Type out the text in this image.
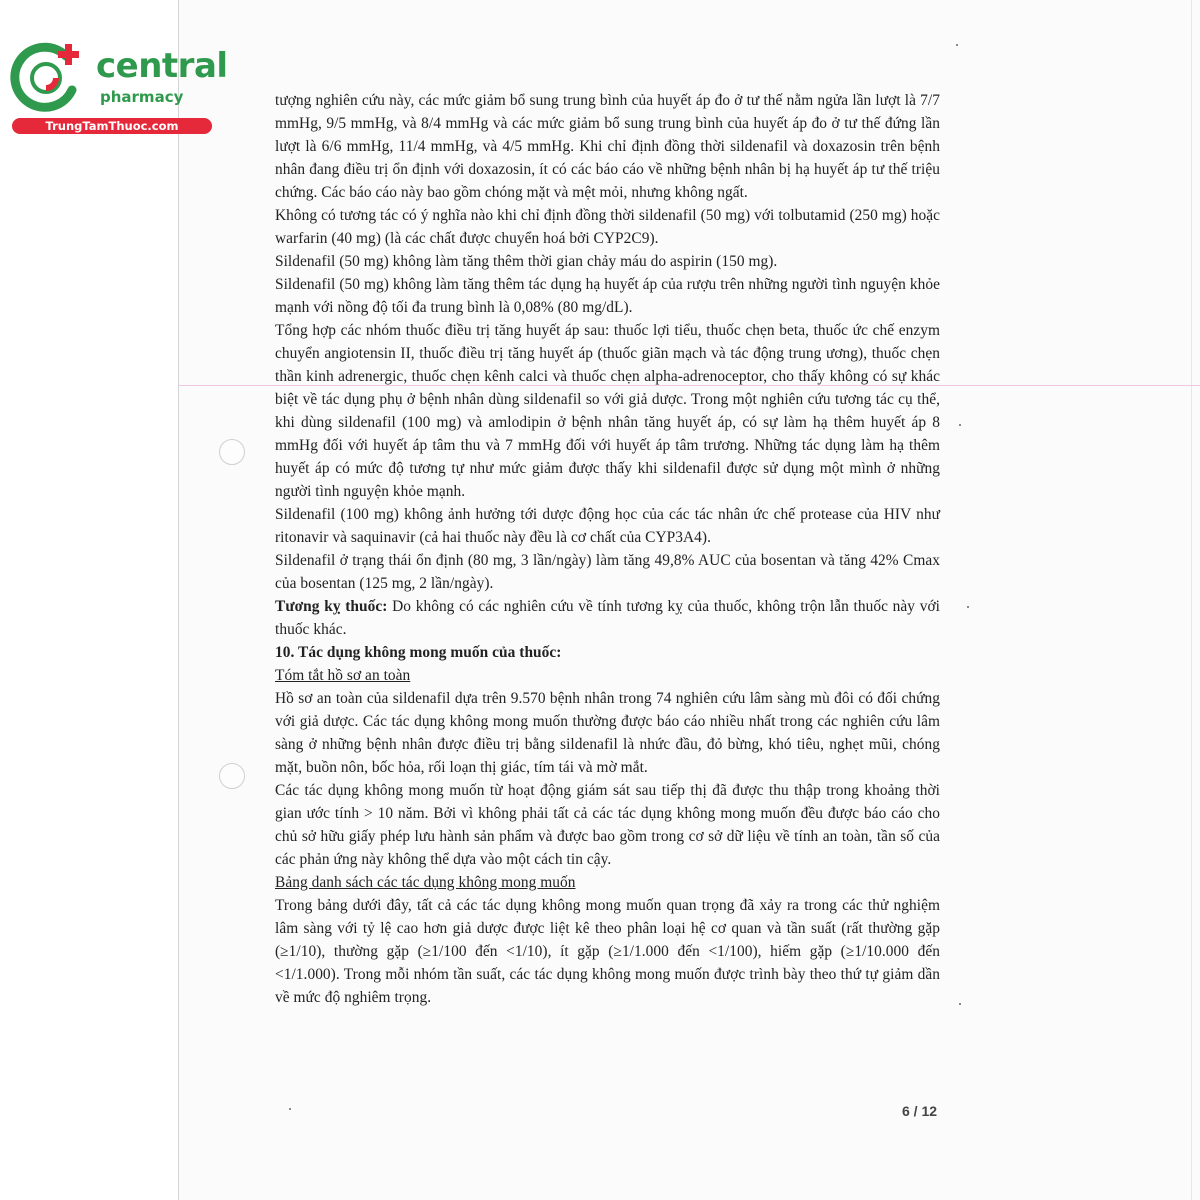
central
pharmacy
TrungTamThuoc.com

tượng nghiên cứu này, các mức giảm bổ sung trung bình của huyết áp đo ở tư thế nằm ngửa lần lượt là 7/7 mmHg, 9/5 mmHg, và 8/4 mmHg và các mức giảm bổ sung trung bình của huyết áp đo ở tư thế đứng lần lượt là 6/6 mmHg, 11/4 mmHg, và 4/5 mmHg. Khi chỉ định đồng thời sildenafil và doxazosin trên bệnh nhân đang điều trị ổn định với doxazosin, ít có các báo cáo về những bệnh nhân bị hạ huyết áp tư thế triệu chứng. Các báo cáo này bao gồm chóng mặt và mệt mỏi, nhưng không ngất.

Không có tương tác có ý nghĩa nào khi chỉ định đồng thời sildenafil (50 mg) với tolbutamid (250 mg) hoặc warfarin (40 mg) (là các chất được chuyển hoá bởi CYP2C9).

Sildenafil (50 mg) không làm tăng thêm thời gian chảy máu do aspirin (150 mg).

Sildenafil (50 mg) không làm tăng thêm tác dụng hạ huyết áp của rượu trên những người tình nguyện khỏe mạnh với nồng độ tối đa trung bình là 0,08% (80 mg/dL).

Tổng hợp các nhóm thuốc điều trị tăng huyết áp sau: thuốc lợi tiểu, thuốc chẹn beta, thuốc ức chế enzym chuyển angiotensin II, thuốc điều trị tăng huyết áp (thuốc giãn mạch và tác động trung ương), thuốc chẹn thần kinh adrenergic, thuốc chẹn kênh calci và thuốc chẹn alpha-adrenoceptor, cho thấy không có sự khác biệt về tác dụng phụ ở bệnh nhân dùng sildenafil so với giả dược. Trong một nghiên cứu tương tác cụ thể, khi dùng sildenafil (100 mg) và amlodipin ở bệnh nhân tăng huyết áp, có sự làm hạ thêm huyết áp 8 mmHg đối với huyết áp tâm thu và 7 mmHg đối với huyết áp tâm trương. Những tác dụng làm hạ thêm huyết áp có mức độ tương tự như mức giảm được thấy khi sildenafil được sử dụng một mình ở những người tình nguyện khỏe mạnh.

Sildenafil (100 mg) không ảnh hưởng tới dược động học của các tác nhân ức chế protease của HIV như ritonavir và saquinavir (cả hai thuốc này đều là cơ chất của CYP3A4).

Sildenafil ở trạng thái ổn định (80 mg, 3 lần/ngày) làm tăng 49,8% AUC của bosentan và tăng 42% Cmax của bosentan (125 mg, 2 lần/ngày).

Tương kỵ thuốc: Do không có các nghiên cứu về tính tương kỵ của thuốc, không trộn lẫn thuốc này với thuốc khác.

10. Tác dụng không mong muốn của thuốc:

Tóm tắt hồ sơ an toàn

Hồ sơ an toàn của sildenafil dựa trên 9.570 bệnh nhân trong 74 nghiên cứu lâm sàng mù đôi có đối chứng với giả dược. Các tác dụng không mong muốn thường được báo cáo nhiều nhất trong các nghiên cứu lâm sàng ở những bệnh nhân được điều trị bằng sildenafil là nhức đầu, đỏ bừng, khó tiêu, nghẹt mũi, chóng mặt, buồn nôn, bốc hỏa, rối loạn thị giác, tím tái và mờ mắt.

Các tác dụng không mong muốn từ hoạt động giám sát sau tiếp thị đã được thu thập trong khoảng thời gian ước tính > 10 năm. Bởi vì không phải tất cả các tác dụng không mong muốn đều được báo cáo cho chủ sở hữu giấy phép lưu hành sản phẩm và được bao gồm trong cơ sở dữ liệu về tính an toàn, tần số của các phản ứng này không thể dựa vào một cách tin cậy.

Bảng danh sách các tác dụng không mong muốn

Trong bảng dưới đây, tất cả các tác dụng không mong muốn quan trọng đã xảy ra trong các thử nghiệm lâm sàng với tỷ lệ cao hơn giả dược được liệt kê theo phân loại hệ cơ quan và tần suất (rất thường gặp (≥1/10), thường gặp (≥1/100 đến <1/10), ít gặp (≥1/1.000 đến <1/100), hiếm gặp (≥1/10.000 đến <1/1.000). Trong mỗi nhóm tần suất, các tác dụng không mong muốn được trình bày theo thứ tự giảm dần về mức độ nghiêm trọng.

6 / 12
